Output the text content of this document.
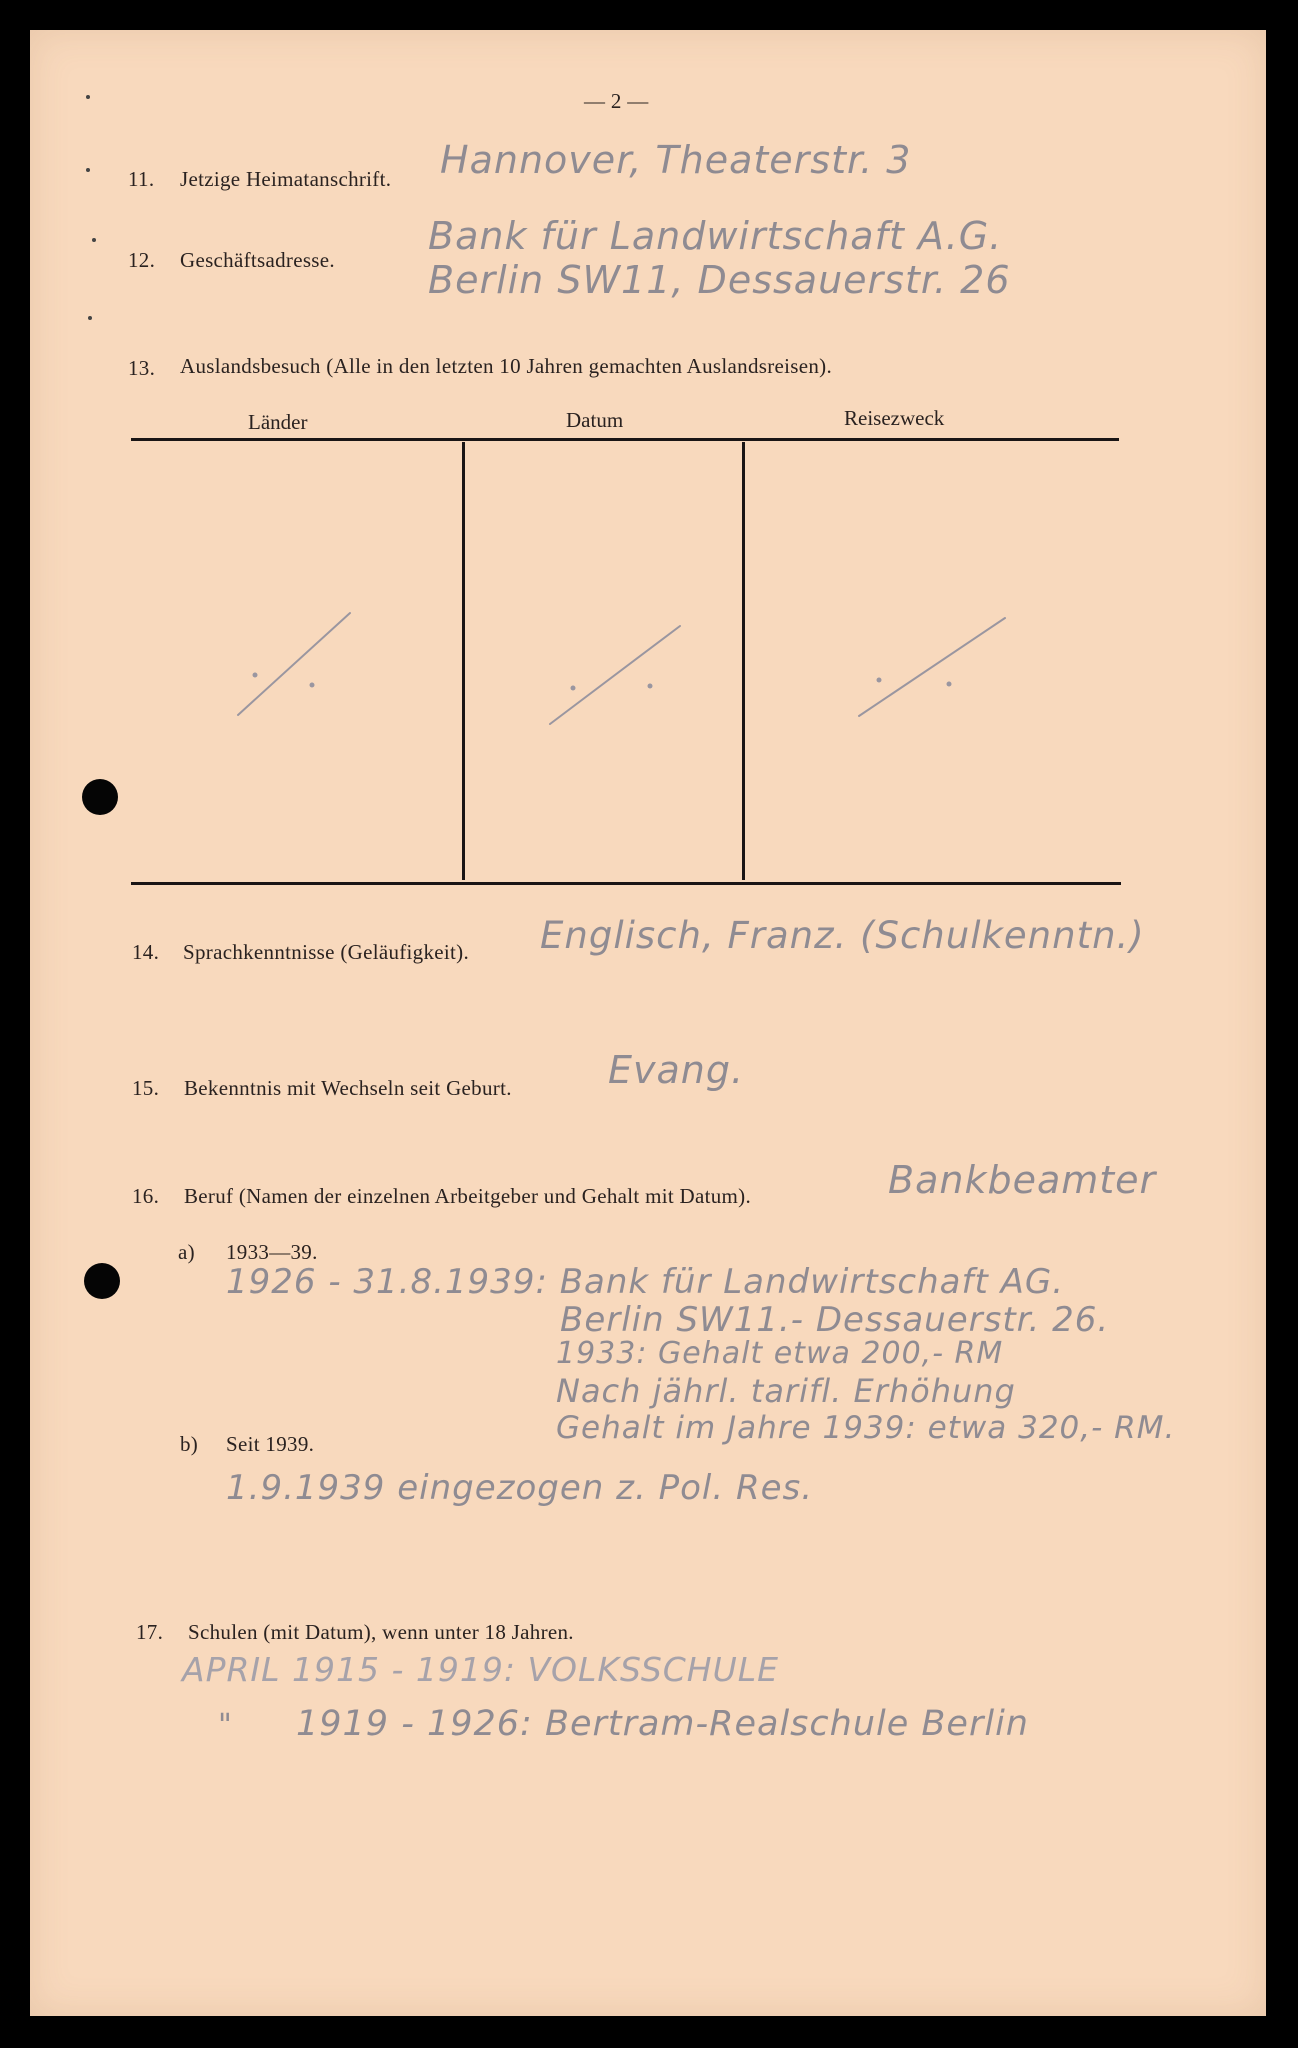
— 2 —
11. Jetzige Heimatanschrift. Hannover, Theaterstr. 3
12. Geschäftsadresse.
Bank für Landwirtschaft A.G.
Berlin SW11, Dessauerstr. 26
13. Auslandsbesuch (Alle in den letzten 10 Jahren gemachten Auslandsreisen).
Länder	Datum	Reisezweck
14. Sprachkenntnisse (Geläufigkeit). Englisch, Franz. (Schulkenntn.)
15. Bekenntnis mit Wechseln seit Geburt.	Evang.
16. Beruf (Namen der einzelnen Arbeitgeber und Gehalt mit Datum).	Bankbeamter
a) 1933—39.
1926 - 31.8.1939: Bank für Landwirtschaft AG.
Berlin SW11.- Dessauerstr. 26.
1933: Gehalt etwa 200,- RM
Nach jährl. tarifl. Erhöhung
Gehalt im Jahre 1939: etwa 320,- RM.
b) Seit 1939.
1.9.1939 eingezogen z. Pol. Res.
17. Schulen (mit Datum), wenn unter 18 Jahren.
APRIL 1915 - 1919: VOLKSSCHULE
" 1919 - 1926: Bertram-Realschule Berlin
